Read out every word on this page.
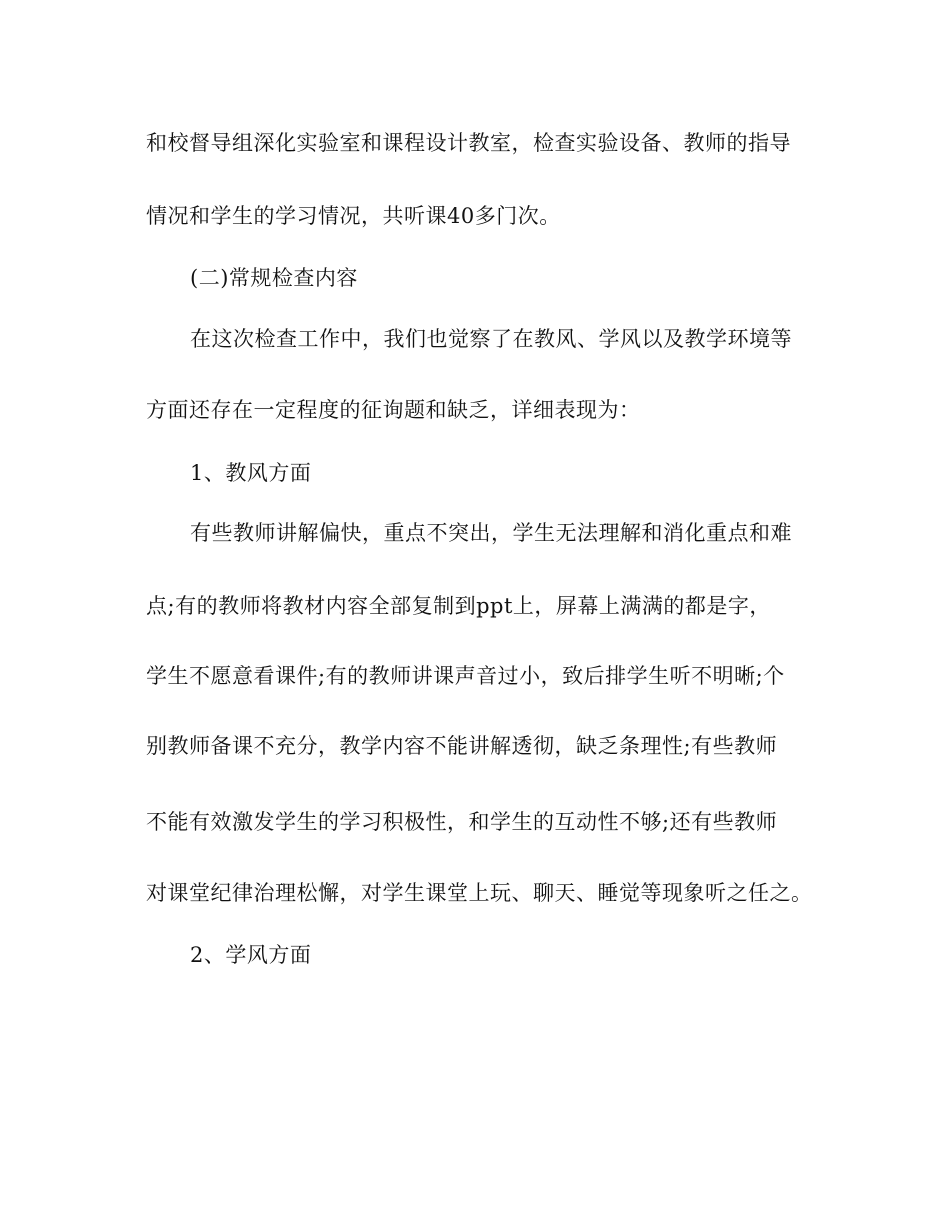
和校督导组深化实验室和课程设计教室，检查实验设备、教师的指导
情况和学生的学习情况，共听课40多门次。
(二)常规检查内容
在这次检查工作中，我们也觉察了在教风、学风以及教学环境等
方面还存在一定程度的征询题和缺乏，详细表现为：
1、教风方面
有些教师讲解偏快，重点不突出，学生无法理解和消化重点和难
点;有的教师将教材内容全部复制到ppt上，屏幕上满满的都是字，
学生不愿意看课件;有的教师讲课声音过小，致后排学生听不明晰;个
别教师备课不充分，教学内容不能讲解透彻，缺乏条理性;有些教师
不能有效激发学生的学习积极性，和学生的互动性不够;还有些教师
对课堂纪律治理松懈，对学生课堂上玩、聊天、睡觉等现象听之任之。
2、学风方面
